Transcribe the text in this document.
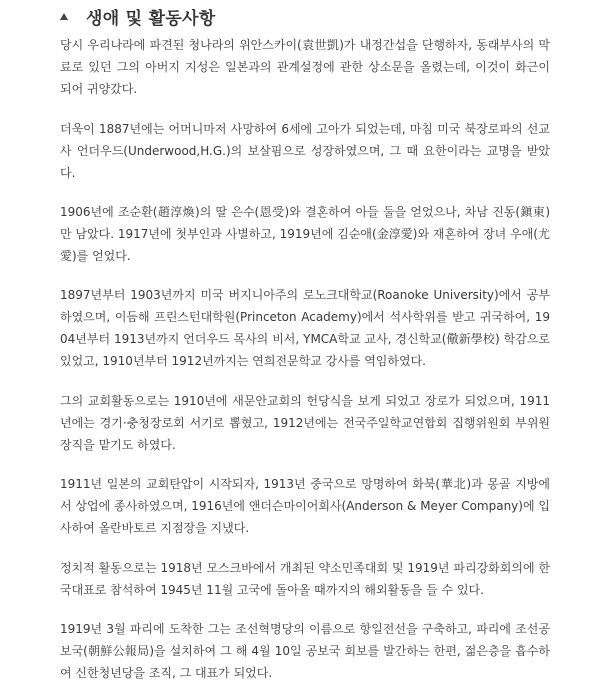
생애 및 활동사항

당시 우리나라에 파견된 청나라의 위안스카이(袁世凱)가 내정간섭을 단행하자, 동래부사의 막료로 있던 그의 아버지 지성은 일본과의 관계설정에 관한 상소문을 올렸는데, 이것이 화근이 되어 귀양갔다.

더욱이 1887년에는 어머니마저 사망하여 6세에 고아가 되었는데, 마침 미국 북장로파의 선교사 언더우드(Underwood,H.G.)의 보살핌으로 성장하였으며, 그 때 요한이라는 교명을 받았다.

1906년에 조순환(趙淳煥)의 딸 은수(恩受)와 결혼하여 아들 둘을 얻었으나, 차남 진동(鎭東)만 남았다. 1917년에 첫부인과 사별하고, 1919년에 김순애(金淳愛)와 재혼하여 장녀 우애(尤愛)를 얻었다.

1897년부터 1903년까지 미국 버지니아주의 로노크대학교(Roanoke University)에서 공부하였으며, 이듬해 프린스턴대학원(Princeton Academy)에서 석사학위를 받고 귀국하여, 1904년부터 1913년까지 언더우드 목사의 비서, YMCA학교 교사, 경신학교(儆新學校) 학감으로 있었고, 1910년부터 1912년까지는 연희전문학교 강사를 역임하였다.

그의 교회활동으로는 1910년에 새문안교회의 헌당식을 보게 되었고 장로가 되었으며, 1911년에는 경기·충청장로회 서기로 뽑혔고, 1912년에는 전국주일학교연합회 집행위원회 부위원장직을 맡기도 하였다.

1911년 일본의 교회탄압이 시작되자, 1913년 중국으로 망명하여 화북(華北)과 몽골 지방에서 상업에 종사하였으며, 1916년에 앤더슨마이어회사(Anderson & Meyer Company)에 입사하여 올란바토르 지점장을 지냈다.

정치적 활동으로는 1918년 모스크바에서 개최된 약소민족대회 및 1919년 파리강화회의에 한국대표로 참석하여 1945년 11월 고국에 돌아올 때까지의 해외활동을 들 수 있다.

1919년 3월 파리에 도착한 그는 조선혁명당의 이름으로 항일전선을 구축하고, 파리에 조선공보국(朝鮮公報局)을 설치하여 그 해 4월 10일 공보국 회보를 발간하는 한편, 젊은층을 흡수하여 신한청년당을 조직, 그 대표가 되었다.
